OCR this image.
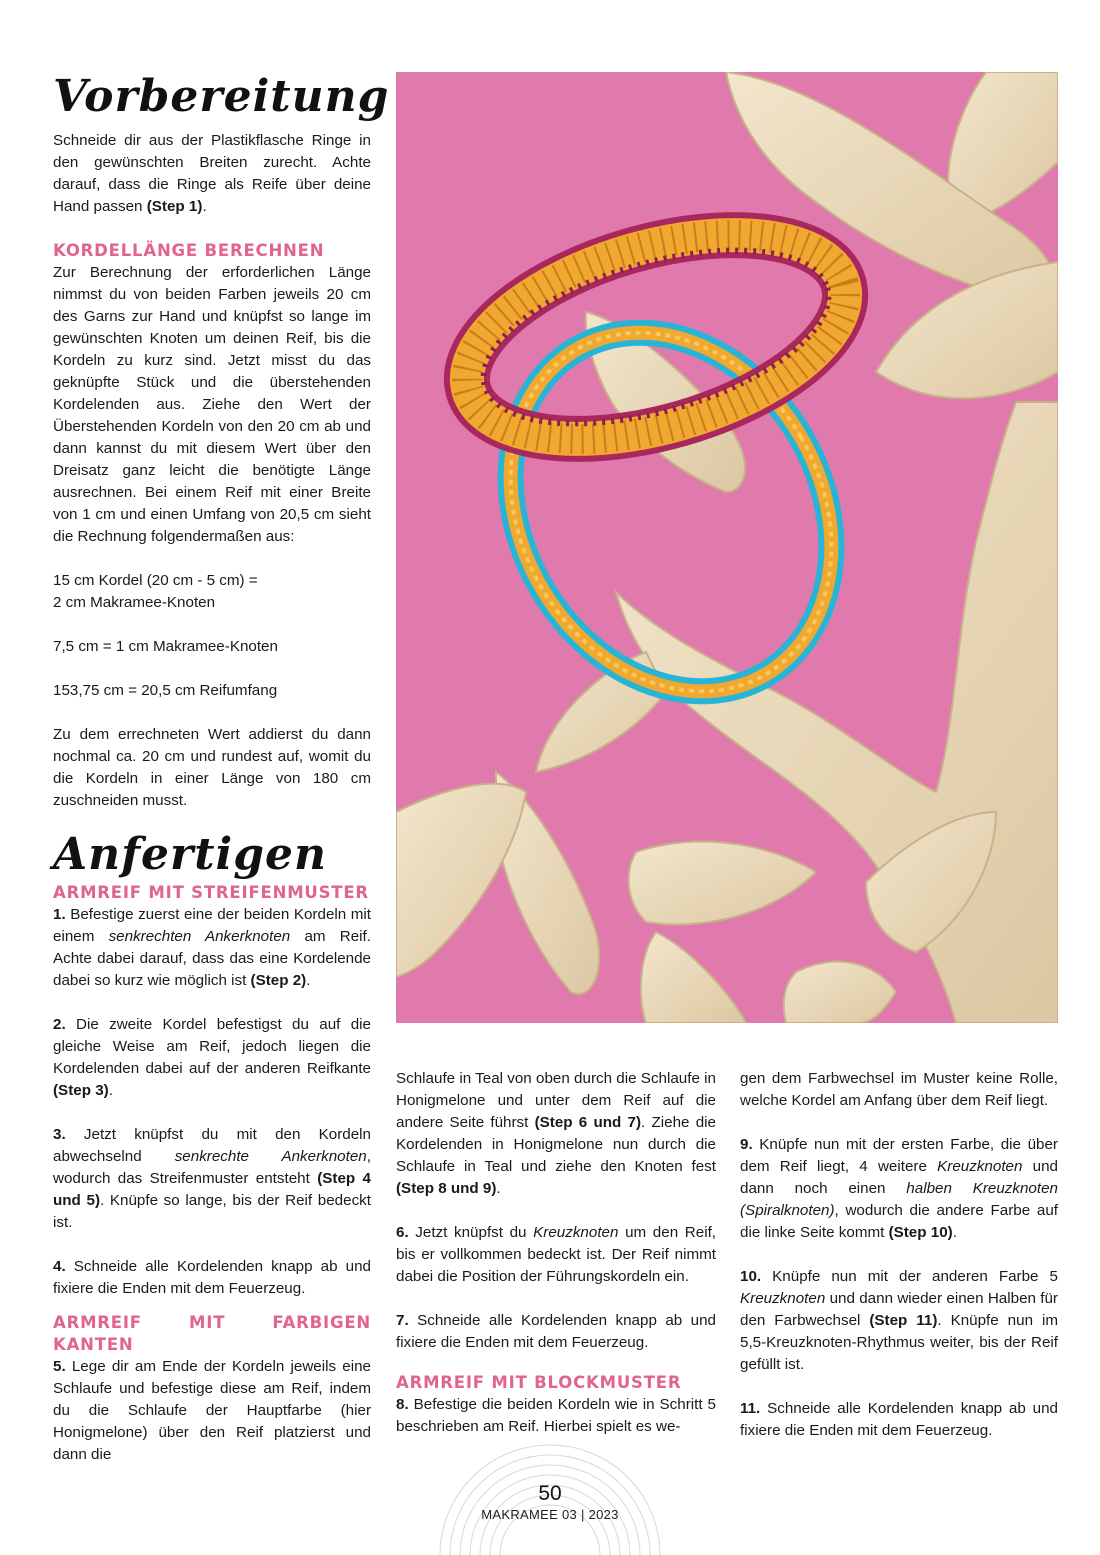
Vorbereitung

Schneide dir aus der Plastikflasche Ringe in den gewünschten Breiten zurecht. Achte darauf, dass die Ringe als Reife über deine Hand passen (Step 1).

KORDELLÄNGE BERECHNEN

Zur Berechnung der erforderlichen Länge nimmst du von beiden Farben jeweils 20 cm des Garns zur Hand und knüpfst so lange im gewünschten Knoten um deinen Reif, bis die Kordeln zu kurz sind. Jetzt misst du das geknüpfte Stück und die überstehenden Kordelenden aus. Ziehe den Wert der Überstehenden Kordeln von den 20 cm ab und dann kannst du mit diesem Wert über den Dreisatz ganz leicht die benötigte Länge ausrechnen. Bei einem Reif mit einer Breite von 1 cm und einen Umfang von 20,5 cm sieht die Rechnung folgendermaßen aus:

15 cm Kordel (20 cm - 5 cm) =
2 cm Makramee-Knoten

7,5 cm = 1 cm Makramee-Knoten

153,75 cm = 20,5 cm Reifumfang

Zu dem errechneten Wert addierst du dann nochmal ca. 20 cm und rundest auf, womit du die Kordeln in einer Länge von 180 cm zuschneiden musst.

Anfertigen
ARMREIF MIT STREIFENMUSTER

1. Befestige zuerst eine der beiden Kordeln mit einem senkrechten Ankerknoten am Reif. Achte dabei darauf, dass das eine Kordelende dabei so kurz wie möglich ist (Step 2).

2. Die zweite Kordel befestigst du auf die gleiche Weise am Reif, jedoch liegen die Kordelenden dabei auf der anderen Reifkante (Step 3).

3. Jetzt knüpfst du mit den Kordeln abwechselnd senkrechte Ankerknoten, wodurch das Streifenmuster entsteht (Step 4 und 5). Knüpfe so lange, bis der Reif bedeckt ist.

4. Schneide alle Kordelenden knapp ab und fixiere die Enden mit dem Feuerzeug.

ARMREIF MIT FARBIGEN KANTEN

5. Lege dir am Ende der Kordeln jeweils eine Schlaufe und befestige diese am Reif, indem du die Schlaufe der Hauptfarbe (hier Honigmelone) über den Reif platzierst und dann die

Schlaufe in Teal von oben durch die Schlaufe in Honigmelone und unter dem Reif auf die andere Seite führst (Step 6 und 7). Ziehe die Kordelenden in Honigmelone nun durch die Schlaufe in Teal und ziehe den Knoten fest (Step 8 und 9).

6. Jetzt knüpfst du Kreuzknoten um den Reif, bis er vollkommen bedeckt ist. Der Reif nimmt dabei die Position der Führungskordeln ein.

7. Schneide alle Kordelenden knapp ab und fixiere die Enden mit dem Feuerzeug.

ARMREIF MIT BLOCKMUSTER

8. Befestige die beiden Kordeln wie in Schritt 5 beschrieben am Reif. Hierbei spielt es we-

gen dem Farbwechsel im Muster keine Rolle, welche Kordel am Anfang über dem Reif liegt.

9. Knüpfe nun mit der ersten Farbe, die über dem Reif liegt, 4 weitere Kreuzknoten und dann noch einen halben Kreuzknoten (Spiralknoten), wodurch die andere Farbe auf die linke Seite kommt (Step 10).

10. Knüpfe nun mit der anderen Farbe 5 Kreuzknoten und dann wieder einen Halben für den Farbwechsel (Step 11). Knüpfe nun im 5,5-Kreuzknoten-Rhythmus weiter, bis der Reif gefüllt ist.

11. Schneide alle Kordelenden knapp ab und fixiere die Enden mit dem Feuerzeug.

50
MAKRAMEE 03 | 2023
